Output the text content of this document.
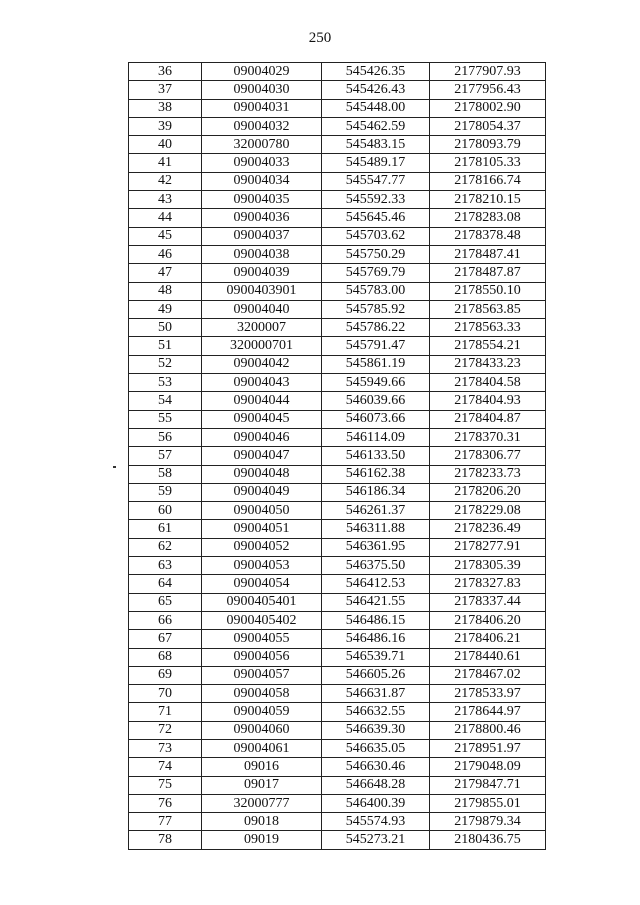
250
36	09004029	545426.35	2177907.93
37	09004030	545426.43	2177956.43
38	09004031	545448.00	2178002.90
39	09004032	545462.59	2178054.37
40	32000780	545483.15	2178093.79
41	09004033	545489.17	2178105.33
42	09004034	545547.77	2178166.74
43	09004035	545592.33	2178210.15
44	09004036	545645.46	2178283.08
45	09004037	545703.62	2178378.48
46	09004038	545750.29	2178487.41
47	09004039	545769.79	2178487.87
48	0900403901	545783.00	2178550.10
49	09004040	545785.92	2178563.85
50	3200007	545786.22	2178563.33
51	320000701	545791.47	2178554.21
52	09004042	545861.19	2178433.23
53	09004043	545949.66	2178404.58
54	09004044	546039.66	2178404.93
55	09004045	546073.66	2178404.87
56	09004046	546114.09	2178370.31
57	09004047	546133.50	2178306.77
58	09004048	546162.38	2178233.73
59	09004049	546186.34	2178206.20
60	09004050	546261.37	2178229.08
61	09004051	546311.88	2178236.49
62	09004052	546361.95	2178277.91
63	09004053	546375.50	2178305.39
64	09004054	546412.53	2178327.83
65	0900405401	546421.55	2178337.44
66	0900405402	546486.15	2178406.20
67	09004055	546486.16	2178406.21
68	09004056	546539.71	2178440.61
69	09004057	546605.26	2178467.02
70	09004058	546631.87	2178533.97
71	09004059	546632.55	2178644.97
72	09004060	546639.30	2178800.46
73	09004061	546635.05	2178951.97
74	09016	546630.46	2179048.09
75	09017	546648.28	2179847.71
76	32000777	546400.39	2179855.01
77	09018	545574.93	2179879.34
78	09019	545273.21	2180436.75
